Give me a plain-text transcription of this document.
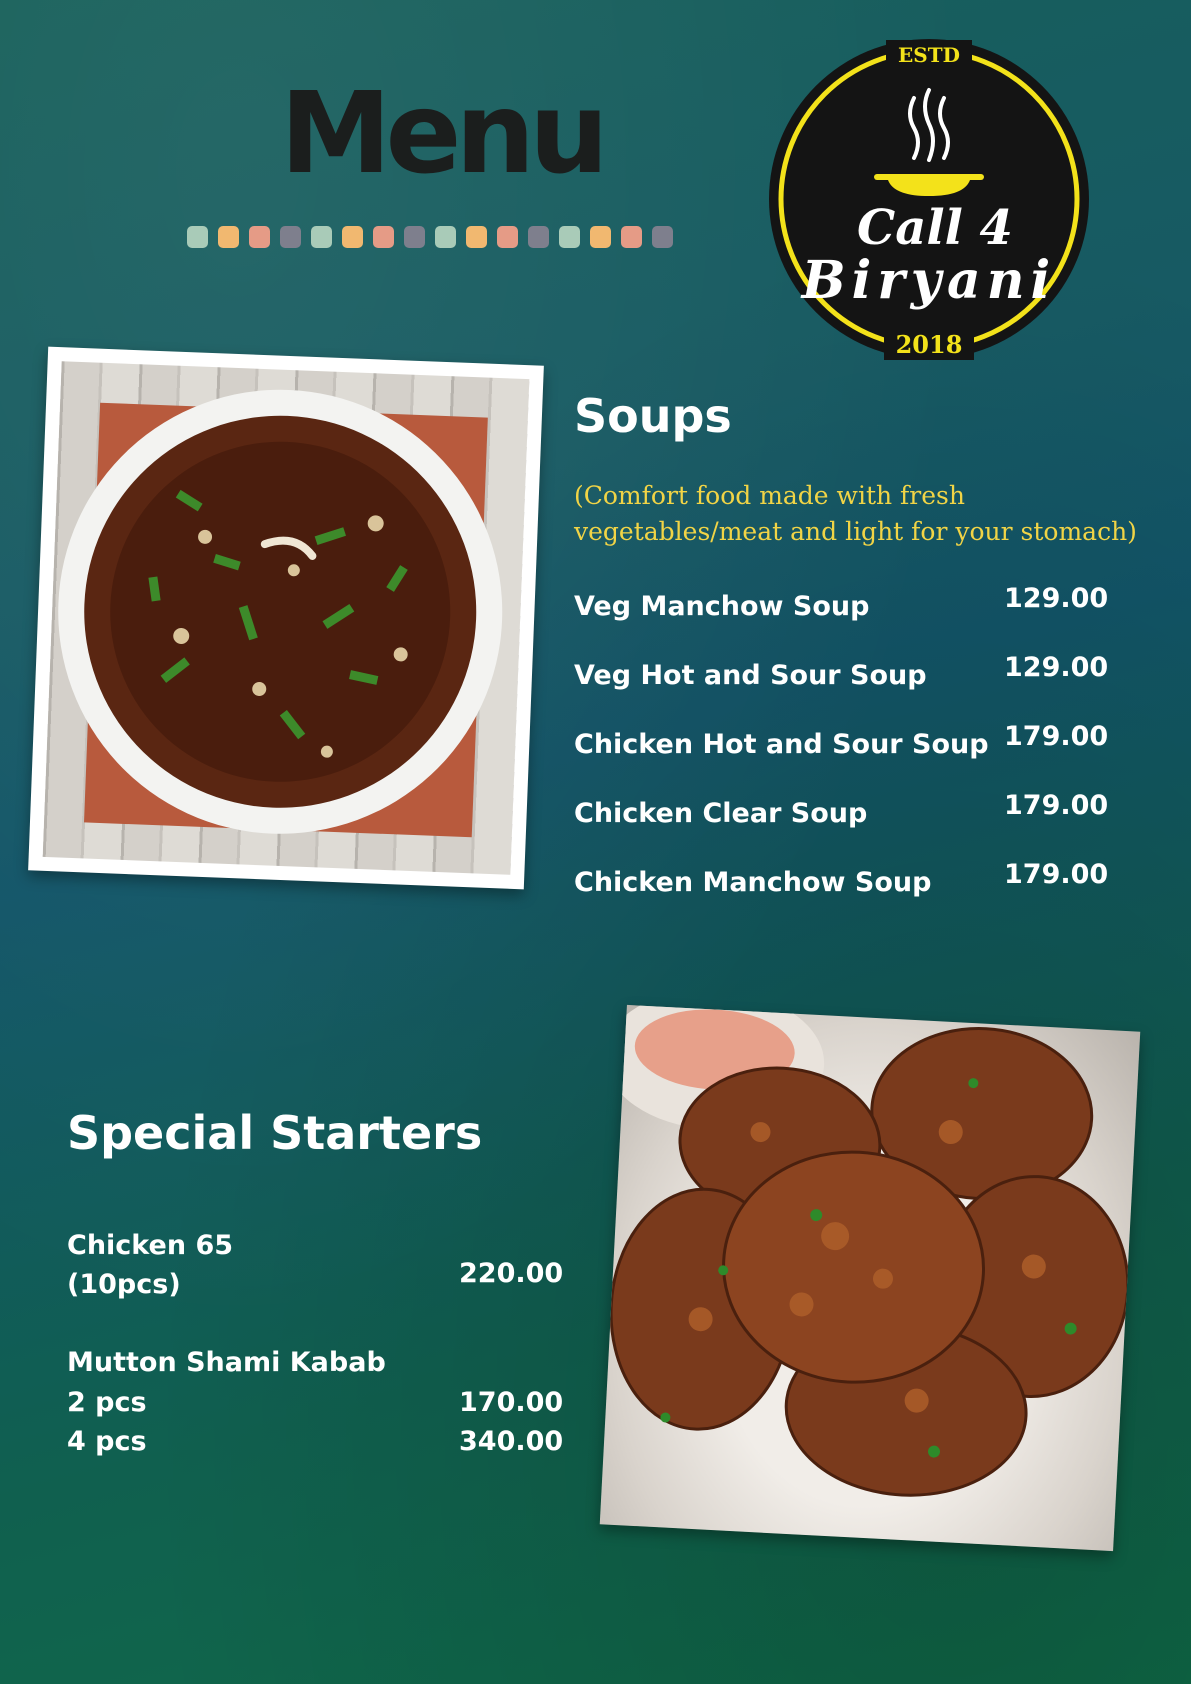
Menu
ESTD
2018
Call 4
Biryani
Soups
(Comfort food made with fresh
vegetables/meat and light for your stomach)
Veg Manchow Soup	129.00
Veg Hot and Sour Soup	129.00
Chicken Hot and Sour Soup 179.00
Chicken Clear Soup	179.00
Chicken Manchow Soup	179.00
Special Starters
Chicken 65
(10pcs)	220.00
Mutton Shami Kabab
2 pcs	170.00
4 pcs	340.00
